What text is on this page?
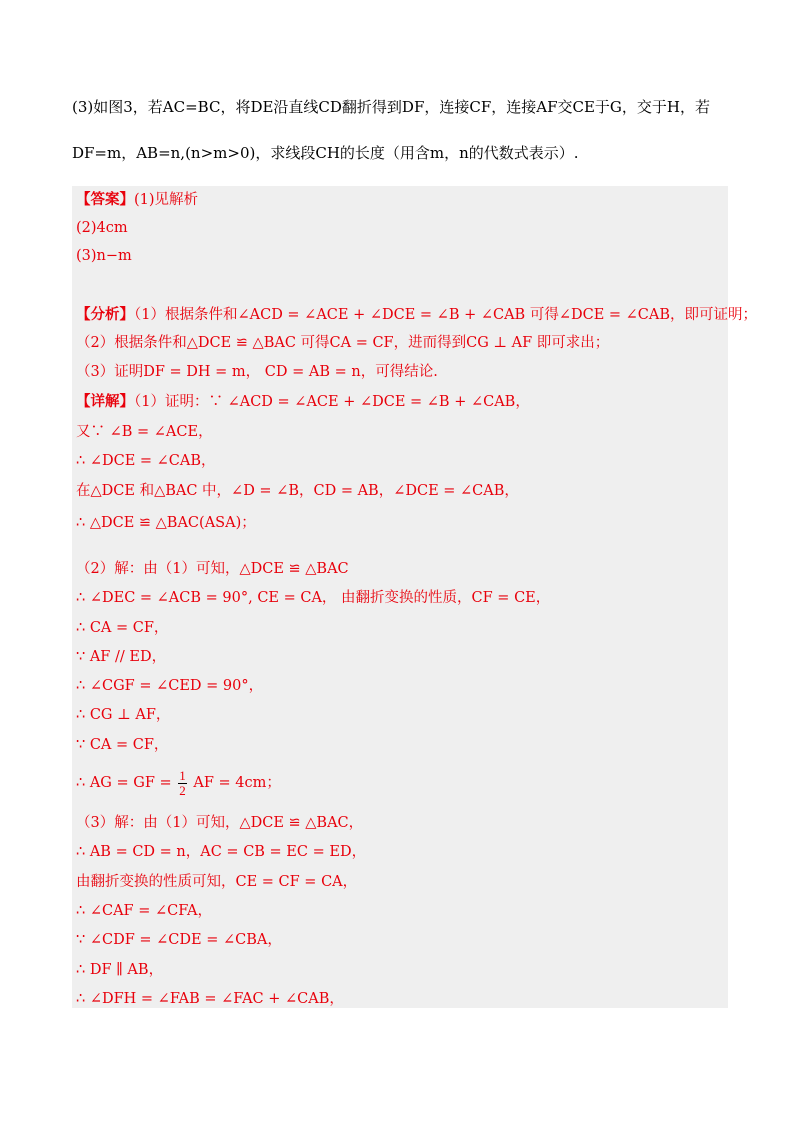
(3)如图3，若AC=BC，将DE沿直线CD翻折得到DF，连接CF，连接AF交CE于G，交于H，若
DF=m，AB=n,(n>m>0)，求线段CH的长度（用含m，n的代数式表示）.
【答案】(1)见解析
(2)4cm
(3)n−m
【分析】（1）根据条件和∠ACD = ∠ACE + ∠DCE = ∠B + ∠CAB 可得∠DCE = ∠CAB，即可证明；
（2）根据条件和△DCE ≌ △BAC 可得CA = CF，进而得到CG ⊥ AF 即可求出；
（3）证明DF = DH = m， CD = AB = n，可得结论.
【详解】（1）证明：∵ ∠ACD = ∠ACE + ∠DCE = ∠B + ∠CAB，
又∵ ∠B = ∠ACE，
∴ ∠DCE = ∠CAB，
在△DCE 和△BAC 中，∠D = ∠B，CD = AB，∠DCE = ∠CAB，
∴ △DCE ≌ △BAC(ASA)；
（2）解：由（1）可知，△DCE ≌ △BAC
∴ ∠DEC = ∠ACB = 90°, CE = CA， 由翻折变换的性质，CF = CE，
∴ CA = CF，
∵ AF // ED，
∴ ∠CGF = ∠CED = 90°，
∴ CG ⊥ AF，
∵ CA = CF，
∴ AG = GF = $\frac{1}{2}$ AF = 4cm；
（3）解：由（1）可知，△DCE ≌ △BAC，
∴ AB = CD = n，AC = CB = EC = ED，
由翻折变换的性质可知，CE = CF = CA，
∴ ∠CAF = ∠CFA，
∵ ∠CDF = ∠CDE = ∠CBA，
∴ DF ∥ AB，
∴ ∠DFH = ∠FAB = ∠FAC + ∠CAB，
